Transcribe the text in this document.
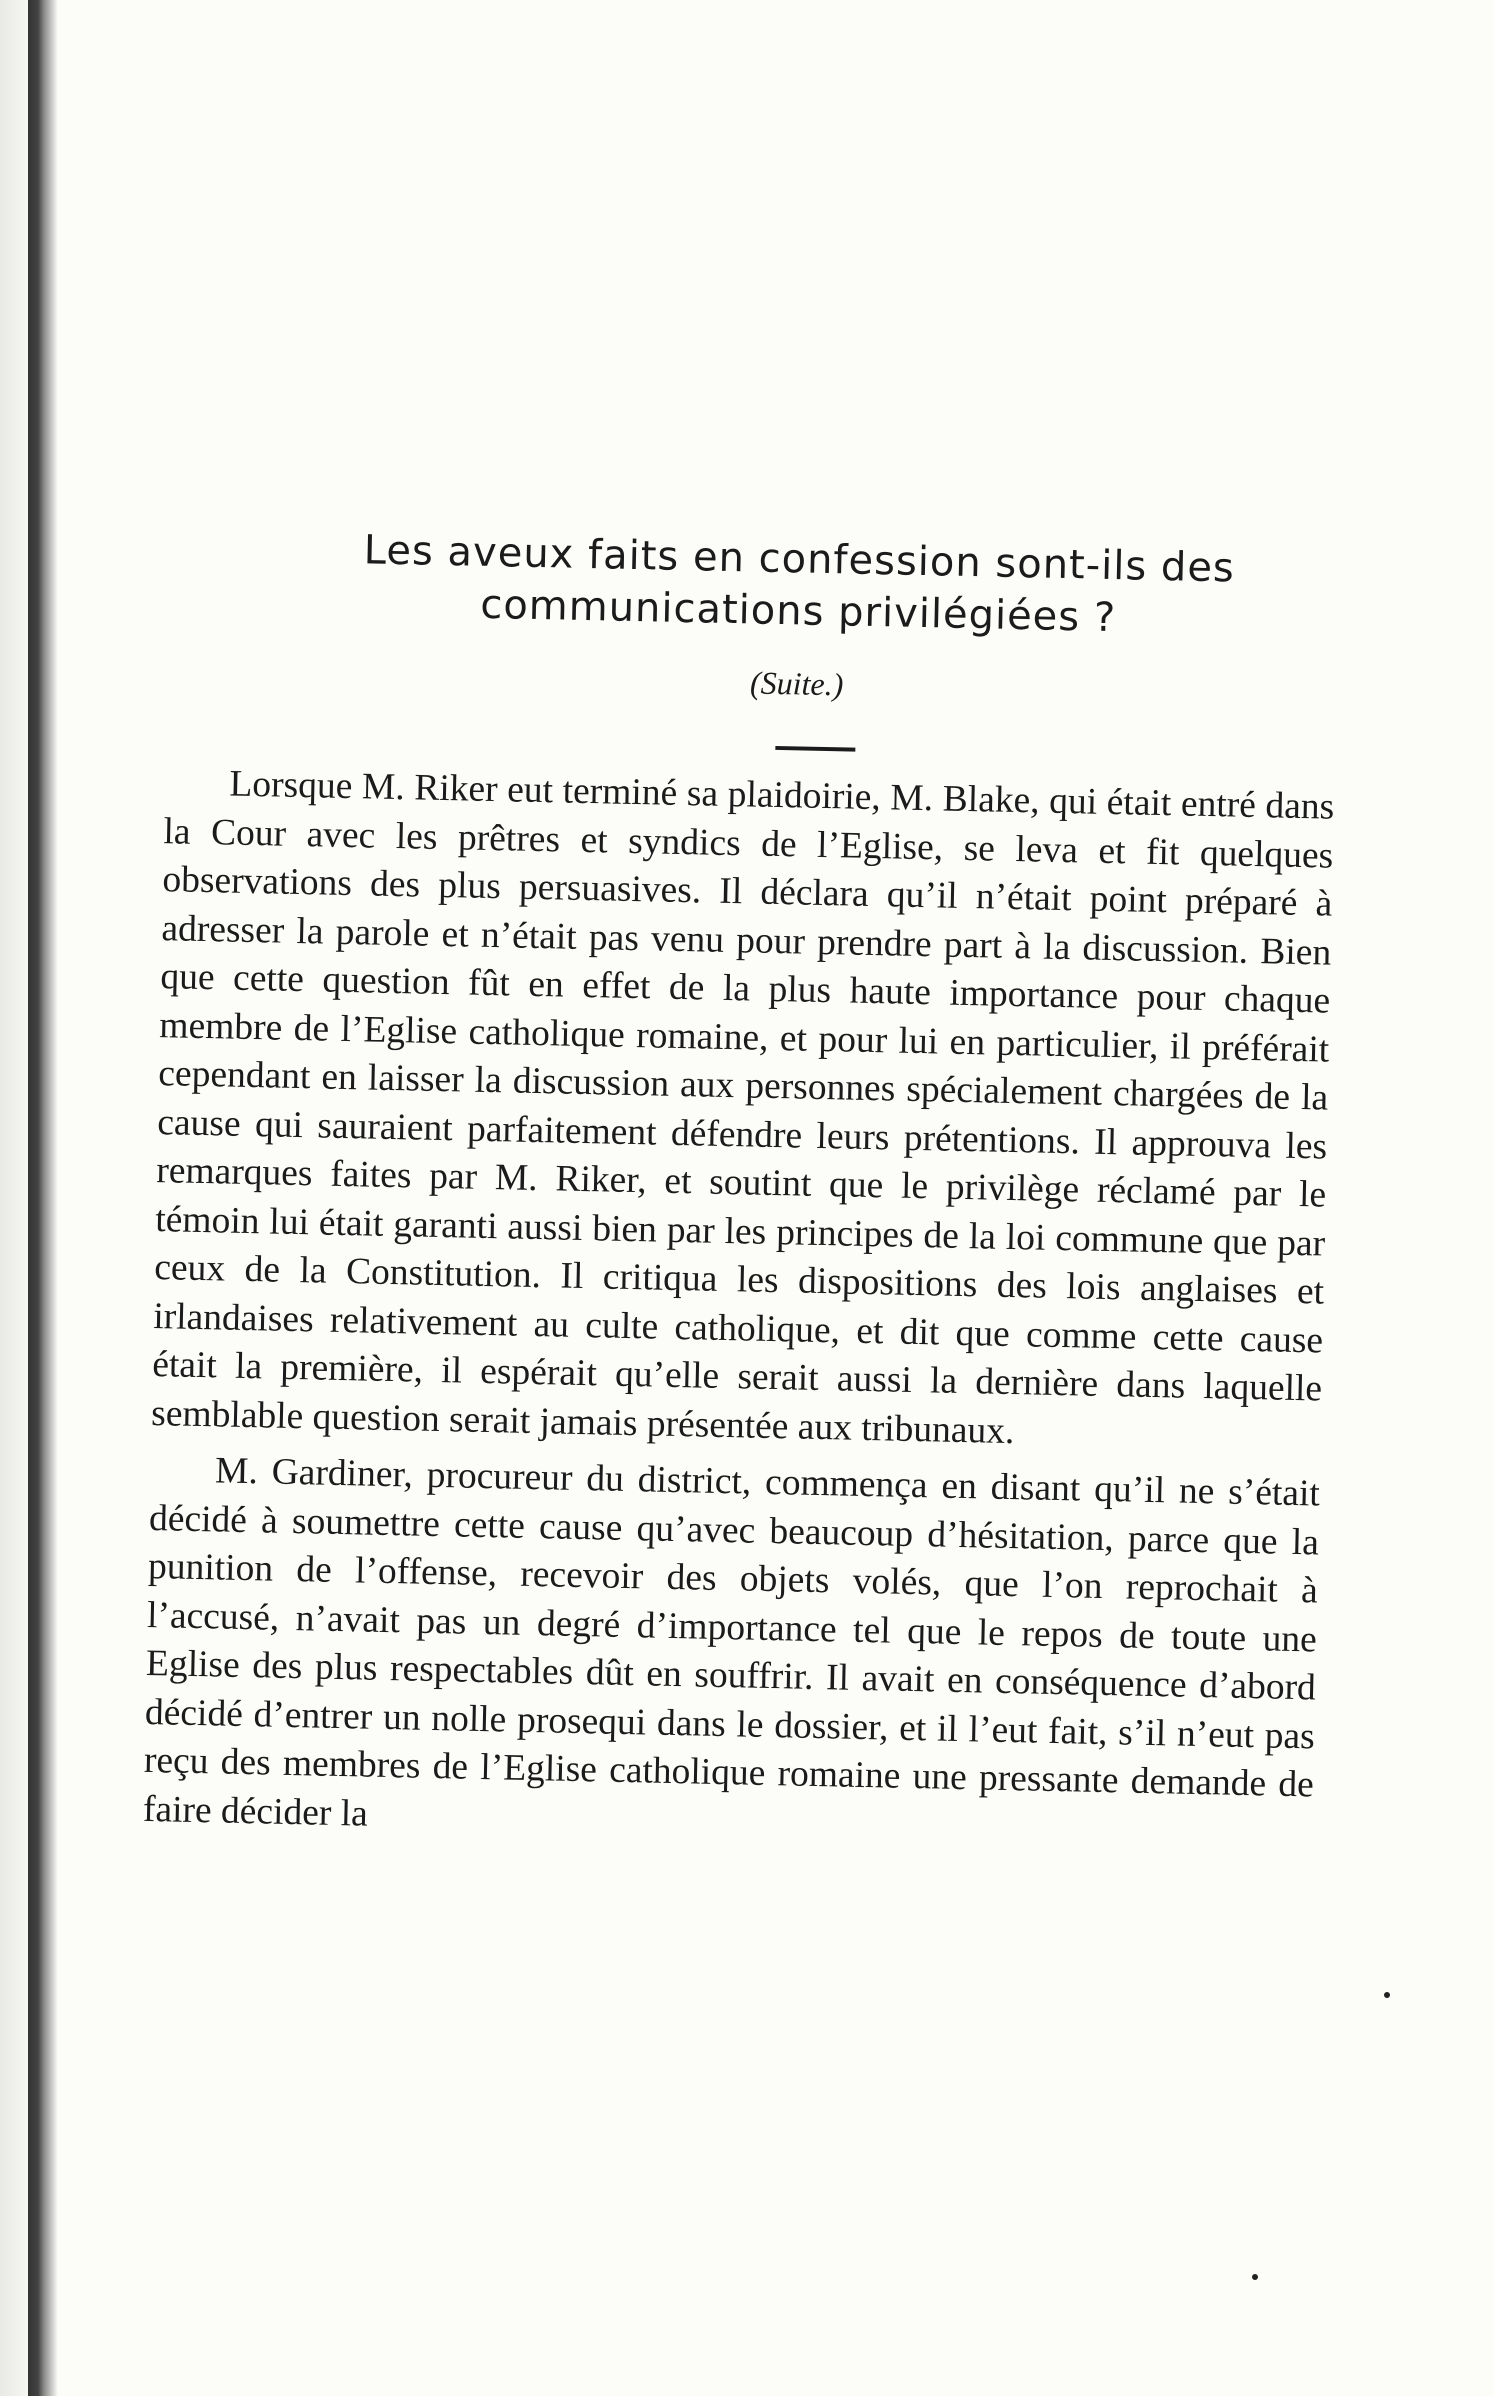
Les aveux faits en confession sont-ils des communications privilégiées ?
(Suite.)

Lorsque M. Riker eut terminé sa plaidoirie, M. Blake, qui était entré dans la Cour avec les prêtres et syndics de l’Eglise, se leva et fit quelques observations des plus persuasives. Il déclara qu’il n’était point préparé à adresser la parole et n’était pas venu pour prendre part à la discussion. Bien que cette question fût en effet de la plus haute importance pour chaque membre de l’Eglise catholique romaine, et pour lui en particulier, il préférait cependant en laisser la discussion aux personnes spécialement chargées de la cause qui sauraient parfaitement défendre leurs prétentions. Il approuva les remarques faites par M. Riker, et soutint que le privilège réclamé par le témoin lui était garanti aussi bien par les principes de la loi commune que par ceux de la Constitution. Il critiqua les dispositions des lois anglaises et irlandaises relativement au culte catholique, et dit que comme cette cause était la première, il espérait qu’elle serait aussi la dernière dans laquelle semblable question serait jamais présentée aux tribunaux.

M. Gardiner, procureur du district, commença en disant qu’il ne s’était décidé à soumettre cette cause qu’avec beaucoup d’hésitation, parce que la punition de l’offense, recevoir des objets volés, que l’on reprochait à l’accusé, n’avait pas un degré d’importance tel que le repos de toute une Eglise des plus respectables dût en souffrir. Il avait en conséquence d’abord décidé d’entrer un nolle prosequi dans le dossier, et il l’eut fait, s’il n’eut pas reçu des membres de l’Eglise catholique romaine une pressante demande de faire décider la
